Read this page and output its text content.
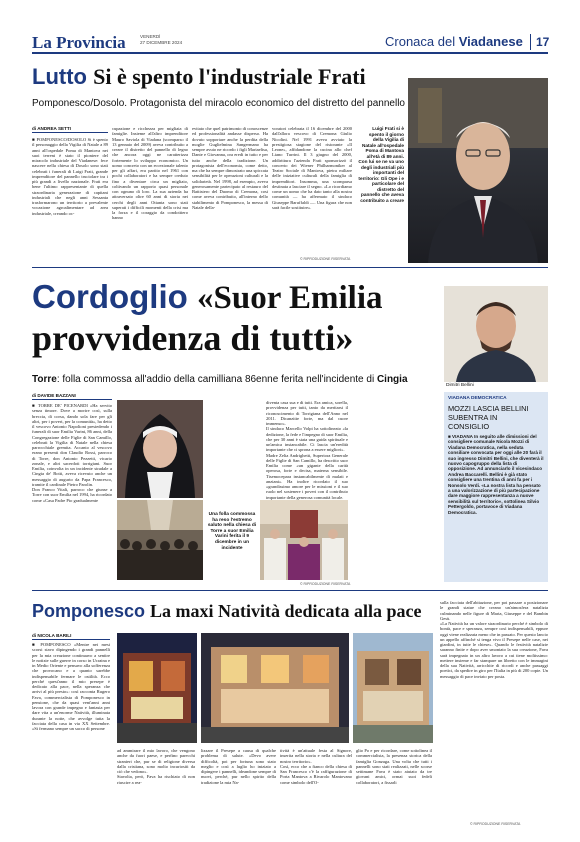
La Provincia	VENERDÌ
27 DICEMBRE 2024	Cronaca del Viadanese 17
Lutto Si è spento l'industriale Frati
Pomponesco/Dosolo. Protagonista del miracolo economico del distretto del pannello
di ANDREA SETTI
■ POMPONESCO/DOSOLO Si è spento il personaggio della Vigilia di Natale a 89 anni all'ospedale Poma di Mantova nei suoi terreni è stato il pioniere del miracolo industriale del Viadanese: fece nascere nella chiesa di Dosolo sono stati celebrati i funerali di Luigi Frati, grande imprenditore del pannello truciolare tra i più grandi a livello nazionale. Frati era bene l'ultimo rappresentante di quella straordinaria generazione di capitani industriali che negli anni Sessanta trasformarono un territorio a prevalente vocazione agroalimentare ad area industriale, creando oc-
cupazione e ricchezza per migliaia di famiglie. Insieme all'altro imprenditore Mauro Saviola di Viadana (scomparso il 13 gennaio del 2009) aveva contribuito a creare il distretto del pannello di legno che ancora oggi ne caratterizza fortemente lo sviluppo economico. Un uomo concreto con un eccezionale talento per gli affari, era partito nel 1961 con pochi collaboratori e ha sempre creduto fino a diventare circa un migliaio, coltivando un rapporto quasi personale con ognuno di loro. La sua azienda ha attraversato oltre 60 anni di storia nei cerchi degli anni Ottanta sono stati superati i difficili momenti della crisi ma la forza e il coraggio da condottiero hanno
evitato che quel patrimonio di conoscenze ed professionalità andasse disperso. Ha dovuto sopportare anche la perdita della moglie Guglielmina Sangermano ha sempre avuto ne ricordo i figli Mariaelisa, Dante e Giovanna, ora eredi in tutto e per tutto anche della tradizione. Un protagonista dell'economia, come detto, ma che ha sempre dimostrato una spiccata sensibilità per le operazioni culturali e la solidarietà. Nel 1998, ad esempio, aveva generosamente partecipato al restauro del Battistero del Duomo di Cremona, cosi come aveva contribuito, all'interno dello stabilimento di Pomponesco, la messa di Natale della-
voratori celebrata il 16 dicembre del 2000 dall'allora vescovo di Cremona Giulio Nicolini. Nel 1991 aveva avviato la prestigiosa stagione del ristorante «Il Leone», affidandone la cucina allo chef Liano Turrini. Il 3 giugno del 2000, addirittura l'azienda Frati sponsorizzò il concerto dei Wiener Philharmoniker al Teatro Sociale di Mantova, pietra miliare delle iniziative culturali della famiglia di imprenditori. Insomma, una scomparsa destinata a lasciare il segno. «Lo ricordiamo come un uomo che ha dato tanto alla nostra comunità — ha affermato il sindaco Giuseppe Baruffaldi —. Una figura che non sarà facile sostituire».
© RIPRODUZIONE RISERVATA
Luigi Frati si è spento il giorno della Vigilia di Natale all'ospedale Poma di Mantova all'età di 89 anni. Con lui se ne va uno degli industriali più importanti del territorio: Gli Ope i e particolare del distretto del pannello che aveva contribuito a creare
Cordoglio «Suor Emilia
provvidenza di tutti»
Torre: folla commossa all'addio della camilliana 86enne ferita nell'incidente di Cingia
di DAVIDE BAZZANI
■ TORRE DE' PICENARDI «Ha servito senza timore. Dove a morire così, sulla breccia, di corsa, dando sola fare per gli altri, per i poveri, per la comunità», ha detto il vescovo Antonio Napolioni presiedendo i funerali di suor Emilia Varini, 86 anni, della Congregazione delle Figlie di San Camillo, celebrati la Vigilia di Natale nella chiesa parrocchiale gremita. Accanto al vescovo erano presenti don Claudio Rossi, parroco di Torre, don Antonio Pezzetti, vicario zonale, e altri sacerdoti torrigiani. Suor Emilia, coinvolta in un incidente stradale a Cingia de' Botti, aveva ricevuto anche un messaggio di augurio da Papa Francesco, tramite il cardinale Pietro Parolin.
Don Franco Vitali, parroco che giunse a Torre con suor Emilia nel 1994, ha ricordato come «Casa Padre Pio gradualmente
Una folla commossa ha reso l'estremo saluto nella chiesa di Torre a suor Emilia Varini ferita il 9 dicembre in un incidente
diventa casa sua e di tutti. Era amica, sorella, provvidenza per tutti, tanto da meritarsi il riconoscimento di Torrigiana dell'Anno nel 2011. Dicanzitte forte, ma dal cuore immenso».
Il sindaco Marcello Volpi ha sottolineato «la dedizione, la fede e l'impegno di suor Emilia, che per 30 anni è stata una guida spirituale e un'amica instancabile. Ci lascia un'eredità importante che ci sprona a essere migliori».
Madre Zelia Andrighetti, Superiora Generale delle Figlie di San Camillo, ha descritto suor Emilia come «un gigante della carità operosa, forte e decisa, materna sensibile. Tisemocepara instancabilmente di malati e anziani». Ha inoltre ricordato il suo «grandissimo amore per le missioni e il suo ruolo nel sostenere i poveri con il contributo importante della generosa comunità locale.
© RIPRODUZIONE RISERVATA
Dimitri Bellini
VIADANA DEMOCRATICA
MOZZI LASCIA BELLINI SUBENTRA IN CONSIGLIO
■ VIADANA In seguito alle dimissioni del consigliere comunale Nicola Mozzi di Viadana Democratica, nella seduta consiliare convocata per oggi alle 20 farà il suo ingresso Dimitri Bellini, che diventerà il nuovo capogruppo della lista di opposizione. Ad annunciarlo il vicesindaco Andrea Baccarelli. Bellini è già stato consigliere una trentina di anni fa per i Nonsolo Verdi. «La nostra lista ha pensato a una valorizzazione di più partecipazione dare maggiore rappresentanza a nuove sensibilità sul territorio», sottolinea Silvio Pettergoldo, portavoce di Viadana Democratica.
Pomponesco La maxi Natività dedicata alla pace
di NICOLA BARILI
■ POMPONESCO «Mentre nei mesi scorsi stavo dipingendo i grandi pannelli per la mia creazione continuavo a sentire le notizie sulle guerre in corso in Ucraina e in Medio Oriente e pensavo alla sofferenza che provocano e a quanto sarebbe indispensabile fermare le ostilità. Ecco perché quest'anno il mio presepe è dedicato alla pace, nella speranza che arrivi al più presto»: così racconta Rugero Fava, commercialista di Pomponesco in pensione, che da quasi vent'anni anni lavora con grande impegno e fantasia per dare vita a un'enorme Natività, illuminata durante la notte, che avvolge tutta la facciata della casa in via XX Settembre. «Si fermano sempre un sacco di persone
ad ammirare il mio lavoro, che vengono anche da fuori paese, e perfino parecchi stranieri che, pur se di religione diversa dalla cristiana, sono molto incuriositi da ciò che vedono».
Stavolta, però, Fava ha rischiato di non riuscire a rea-
lizzare il Presepe a causa di qualche problema di salute. «Devo avere difficoltà, poi per fortuna sono stato meglio e così a luglio ho iniziato a dipingere i pannelli, ideandone sempre di nuovi, perché, pur nello spirito della tradizione la mia Na-
tività è un'attuale festa al Signore, inserita nella storia e nella cultura del nostro territorio».
Così, ecco che a fianco della chiesa di San Francesco c'è la raffigurazione di Porta Mantova a Rivarolo Mantovano come simbolo dell'O-
glio Po e per ricordare, come sottolinea il commercialista, la presenza storica della famiglia Gonzaga. Una volta che tutti i pannelli sono stati realizzati, nelle scorse settimane Fava è stato aiutato da tre giovani amici, ormai suoi fedeli collaboratori, a fissarli
sulla facciata dell'abitazione, per poi passare a posizionare le grandi statue che creano un'atmosfera natalizia culminando nelle figure di Maria, Giuseppe e del Bambin Gesù.
«La Natività ha un valore straordinario perché è simbolo di bontà, pace e speranza, sempre così indispensabili, eppure oggi viene realizzata meno che in passato. Per questo lancio un appello affinché si tenga vivo il Presepe nelle case, nei giardini, in tutte le chiese». Quando le festività natalizie saranno finite e dopo aver smontato la sua creazione, Fava sarà impegnato in un altro lavoro a cui tiene moltissimo: mettere insieme e far stampare un libretto con le immagini della sua Natività, arricchite di ricordi e anche passaggi poetici, da spedire in giro per l'Italia in più di 200 copie. Un messaggio di pace inviato per posta.
© RIPRODUZIONE RISERVATA
